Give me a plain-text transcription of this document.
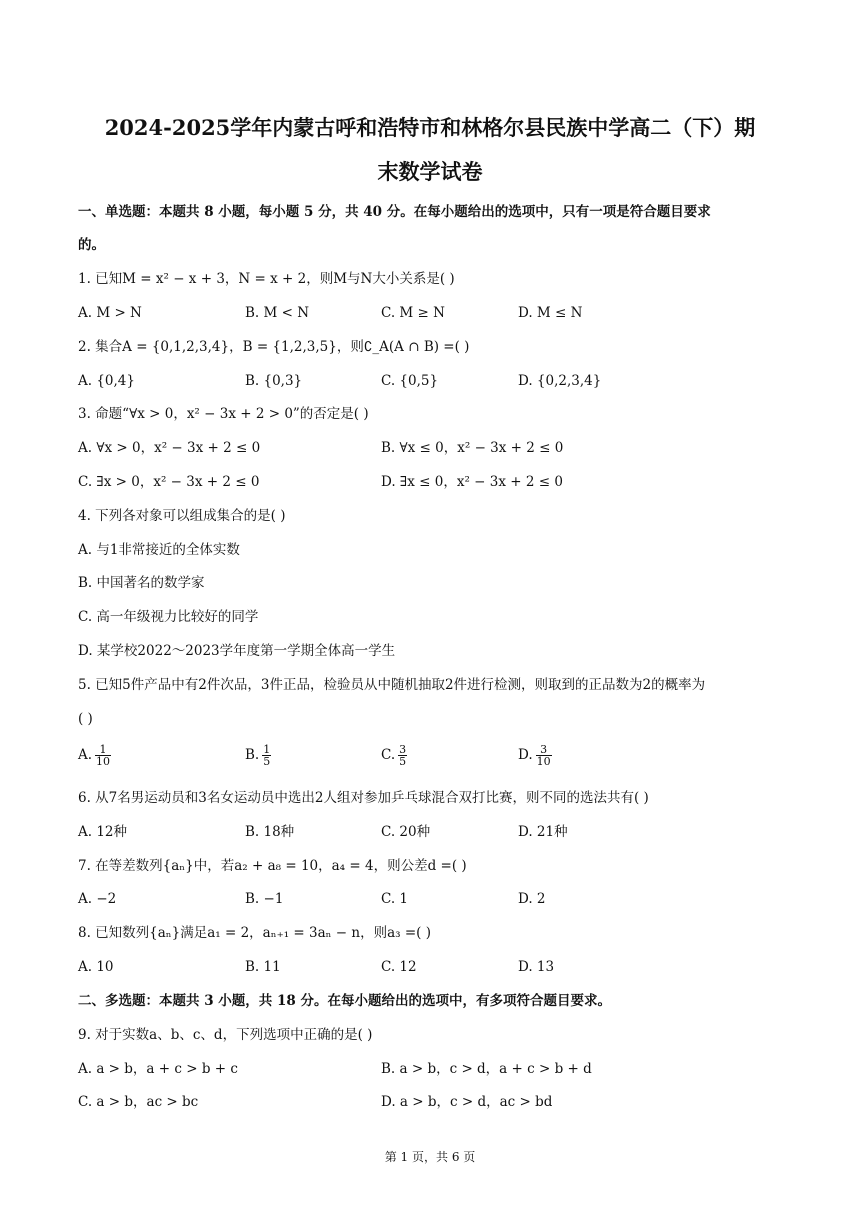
2024-2025学年内蒙古呼和浩特市和林格尔县民族中学高二（下）期
末数学试卷
一、单选题：本题共 8 小题，每小题 5 分，共 40 分。在每小题给出的选项中，只有一项是符合题目要求
的。
1. 已知M = x² − x + 3，N = x + 2，则M与N大小关系是( )
A. M > N	B. M < N	C. M ≥ N	D. M ≤ N
2. 集合A = {0,1,2,3,4}，B = {1,2,3,5}，则∁_A(A ∩ B) =( )
A. {0,4}	B. {0,3}	C. {0,5}	D. {0,2,3,4}
3. 命题“∀x > 0，x² − 3x + 2 > 0”的否定是( )
A. ∀x > 0，x² − 3x + 2 ≤ 0	B. ∀x ≤ 0，x² − 3x + 2 ≤ 0
C. ∃x > 0，x² − 3x + 2 ≤ 0	D. ∃x ≤ 0，x² − 3x + 2 ≤ 0
4. 下列各对象可以组成集合的是( )
A. 与1非常接近的全体实数
B. 中国著名的数学家
C. 高一年级视力比较好的同学
D. 某学校2022～2023学年度第一学期全体高一学生
5. 已知5件产品中有2件次品，3件正品，检验员从中随机抽取2件进行检测，则取到的正品数为2的概率为
( )
A. $\frac{1}{10}$	B. $\frac{1}{5}$	C. $\frac{3}{5}$	D. $\frac{3}{10}$
6. 从7名男运动员和3名女运动员中选出2人组对参加乒乓球混合双打比赛，则不同的选法共有( )
A. 12种	B. 18种	C. 20种	D. 21种
7. 在等差数列{aₙ}中，若a₂ + a₈ = 10，a₄ = 4，则公差d =( )
A. −2	B. −1	C. 1	D. 2
8. 已知数列{aₙ}满足a₁ = 2，aₙ₊₁ = 3aₙ − n，则a₃ =( )
A. 10	B. 11	C. 12	D. 13
二、多选题：本题共 3 小题，共 18 分。在每小题给出的选项中，有多项符合题目要求。
9. 对于实数a、b、c、d，下列选项中正确的是( )
A. a > b，a + c > b + c	B. a > b，c > d，a + c > b + d
C. a > b，ac > bc	D. a > b，c > d，ac > bd
第 1 页，共 6 页
